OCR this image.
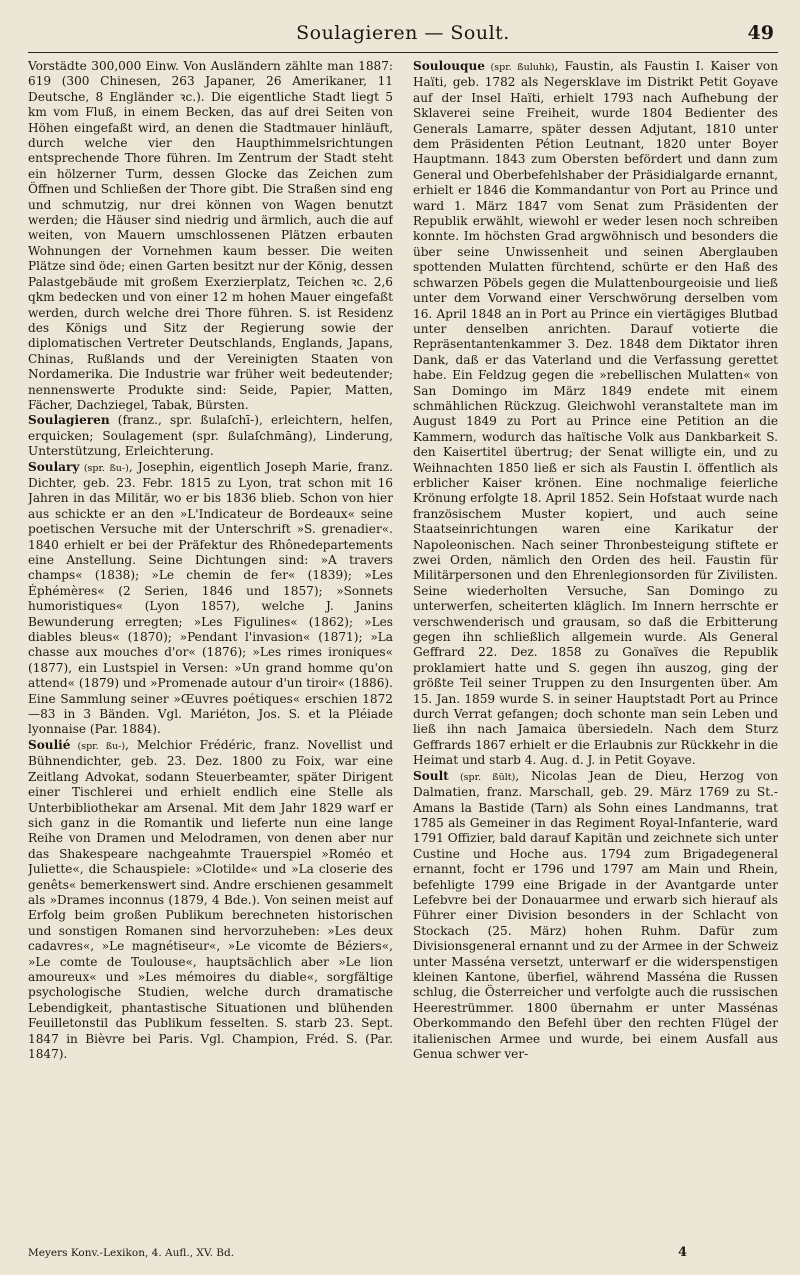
Soulagieren — Soult.	49

Vorstädte 300,000 Einw. Von Ausländern zählte man 1887: 619 (300 Chinesen, 263 Japaner, 26 Amerikaner, 11 Deutsche, 8 Engländer ꝛc.). Die eigentliche Stadt liegt 5 km vom Fluß, in einem Becken, das auf drei Seiten von Höhen eingefaßt wird, an denen die Stadtmauer hinläuft, durch welche vier den Haupthimmelsrichtungen entsprechende Thore führen. Im Zentrum der Stadt steht ein hölzerner Turm, dessen Glocke das Zeichen zum Öffnen und Schließen der Thore gibt. Die Straßen sind eng und schmutzig, nur drei können von Wagen benutzt werden; die Häuser sind niedrig und ärmlich, auch die auf weiten, von Mauern umschlossenen Plätzen erbauten Wohnungen der Vornehmen kaum besser. Die weiten Plätze sind öde; einen Garten besitzt nur der König, dessen Palastgebäude mit großem Exerzierplatz, Teichen ꝛc. 2,6 qkm bedecken und von einer 12 m hohen Mauer eingefaßt werden, durch welche drei Thore führen. S. ist Residenz des Königs und Sitz der Regierung sowie der diplomatischen Vertreter Deutschlands, Englands, Japans, Chinas, Rußlands und der Vereinigten Staaten von Nordamerika. Die Industrie war früher weit bedeutender; nennenswerte Produkte sind: Seide, Papier, Matten, Fächer, Dachziegel, Tabak, Bürsten.

Soulagieren (franz., spr. ßulaſchī-), erleichtern, helfen, erquicken; Soulagement (spr. ßulaſchmāng), Linderung, Unterstützung, Erleichterung.

Soulary (spr. ßu-), Josephin, eigentlich Joseph Marie, franz. Dichter, geb. 23. Febr. 1815 zu Lyon, trat schon mit 16 Jahren in das Militär, wo er bis 1836 blieb. Schon von hier aus schickte er an den »L'Indicateur de Bordeaux« seine poetischen Versuche mit der Unterschrift »S. grenadier«. 1840 erhielt er bei der Präfektur des Rhônedepartements eine Anstellung. Seine Dichtungen sind: »A travers champs« (1838); »Le chemin de fer« (1839); »Les Éphémères« (2 Serien, 1846 und 1857); »Sonnets humoristiques« (Lyon 1857), welche J. Janins Bewunderung erregten; »Les Figulines« (1862); »Les diables bleus« (1870); »Pendant l'invasion« (1871); »La chasse aux mouches d'or« (1876); »Les rimes ironiques« (1877), ein Lustspiel in Versen: »Un grand homme qu'on attend« (1879) und »Promenade autour d'un tiroir« (1886). Eine Sammlung seiner »Œuvres poétiques« erschien 1872—83 in 3 Bänden. Vgl. Mariéton, Jos. S. et la Pléiade lyonnaise (Par. 1884).

Soulié (spr. ßu-), Melchior Frédéric, franz. Novellist und Bühnendichter, geb. 23. Dez. 1800 zu Foix, war eine Zeitlang Advokat, sodann Steuerbeamter, später Dirigent einer Tischlerei und erhielt endlich eine Stelle als Unterbibliothekar am Arsenal. Mit dem Jahr 1829 warf er sich ganz in die Romantik und lieferte nun eine lange Reihe von Dramen und Melodramen, von denen aber nur das Shakespeare nachgeahmte Trauerspiel »Roméo et Juliette«, die Schauspiele: »Clotilde« und »La closerie des genêts« bemerkenswert sind. Andre erschienen gesammelt als »Drames inconnus (1879, 4 Bde.). Von seinen meist auf Erfolg beim großen Publikum berechneten historischen und sonstigen Romanen sind hervorzuheben: »Les deux cadavres«, »Le magnétiseur«, »Le vicomte de Béziers«, »Le comte de Toulouse«, hauptsächlich aber »Le lion amoureux« und »Les mémoires du diable«, sorgfältige psychologische Studien, welche durch dramatische Lebendigkeit, phantastische Situationen und blühenden Feuilletonstil das Publikum fesselten. S. starb 23. Sept. 1847 in Bièvre bei Paris. Vgl. Champion, Fréd. S. (Par. 1847).

Soulouque (spr. ßuluhk), Faustin, als Faustin I. Kaiser von Haïti, geb. 1782 als Negersklave im Distrikt Petit Goyave auf der Insel Haïti, erhielt 1793 nach Aufhebung der Sklaverei seine Freiheit, wurde 1804 Bedienter des Generals Lamarre, später dessen Adjutant, 1810 unter dem Präsidenten Pétion Leutnant, 1820 unter Boyer Hauptmann. 1843 zum Obersten befördert und dann zum General und Oberbefehlshaber der Präsidialgarde ernannt, erhielt er 1846 die Kommandantur von Port au Prince und ward 1. März 1847 vom Senat zum Präsidenten der Republik erwählt, wiewohl er weder lesen noch schreiben konnte. Im höchsten Grad argwöhnisch und besonders die über seine Unwissenheit und seinen Aberglauben spottenden Mulatten fürchtend, schürte er den Haß des schwarzen Pöbels gegen die Mulattenbourgeoisie und ließ unter dem Vorwand einer Verschwörung derselben vom 16. April 1848 an in Port au Prince ein viertägiges Blutbad unter denselben anrichten. Darauf votierte die Repräsentantenkammer 3. Dez. 1848 dem Diktator ihren Dank, daß er das Vaterland und die Verfassung gerettet habe. Ein Feldzug gegen die »rebellischen Mulatten« von San Domingo im März 1849 endete mit einem schmählichen Rückzug. Gleichwohl veranstaltete man im August 1849 zu Port au Prince eine Petition an die Kammern, wodurch das haïtische Volk aus Dankbarkeit S. den Kaisertitel übertrug; der Senat willigte ein, und zu Weihnachten 1850 ließ er sich als Faustin I. öffentlich als erblicher Kaiser krönen. Eine nochmalige feierliche Krönung erfolgte 18. April 1852. Sein Hofstaat wurde nach französischem Muster kopiert, und auch seine Staatseinrichtungen waren eine Karikatur der Napoleonischen. Nach seiner Thronbesteigung stiftete er zwei Orden, nämlich den Orden des heil. Faustin für Militärpersonen und den Ehrenlegionsorden für Zivilisten. Seine wiederholten Versuche, San Domingo zu unterwerfen, scheiterten kläglich. Im Innern herrschte er verschwenderisch und grausam, so daß die Erbitterung gegen ihn schließlich allgemein wurde. Als General Geffrard 22. Dez. 1858 zu Gonaïves die Republik proklamiert hatte und S. gegen ihn auszog, ging der größte Teil seiner Truppen zu den Insurgenten über. Am 15. Jan. 1859 wurde S. in seiner Hauptstadt Port au Prince durch Verrat gefangen; doch schonte man sein Leben und ließ ihn nach Jamaica übersiedeln. Nach dem Sturz Geffrards 1867 erhielt er die Erlaubnis zur Rückkehr in die Heimat und starb 4. Aug. d. J. in Petit Goyave.

Soult (spr. ßūlt), Nicolas Jean de Dieu, Herzog von Dalmatien, franz. Marschall, geb. 29. März 1769 zu St.-Amans la Bastide (Tarn) als Sohn eines Landmanns, trat 1785 als Gemeiner in das Regiment Royal-Infanterie, ward 1791 Offizier, bald darauf Kapitän und zeichnete sich unter Custine und Hoche aus. 1794 zum Brigadegeneral ernannt, focht er 1796 und 1797 am Main und Rhein, befehligte 1799 eine Brigade in der Avantgarde unter Lefebvre bei der Donauarmee und erwarb sich hierauf als Führer einer Division besonders in der Schlacht von Stockach (25. März) hohen Ruhm. Dafür zum Divisionsgeneral ernannt und zu der Armee in der Schweiz unter Masséna versetzt, unterwarf er die widerspenstigen kleinen Kantone, überfiel, während Masséna die Russen schlug, die Österreicher und verfolgte auch die russischen Heerestrümmer. 1800 übernahm er unter Massénas Oberkommando den Befehl über den rechten Flügel der italienischen Armee und wurde, bei einem Ausfall aus Genua schwer ver-

Meyers Konv.-Lexikon, 4. Aufl., XV. Bd.	4
